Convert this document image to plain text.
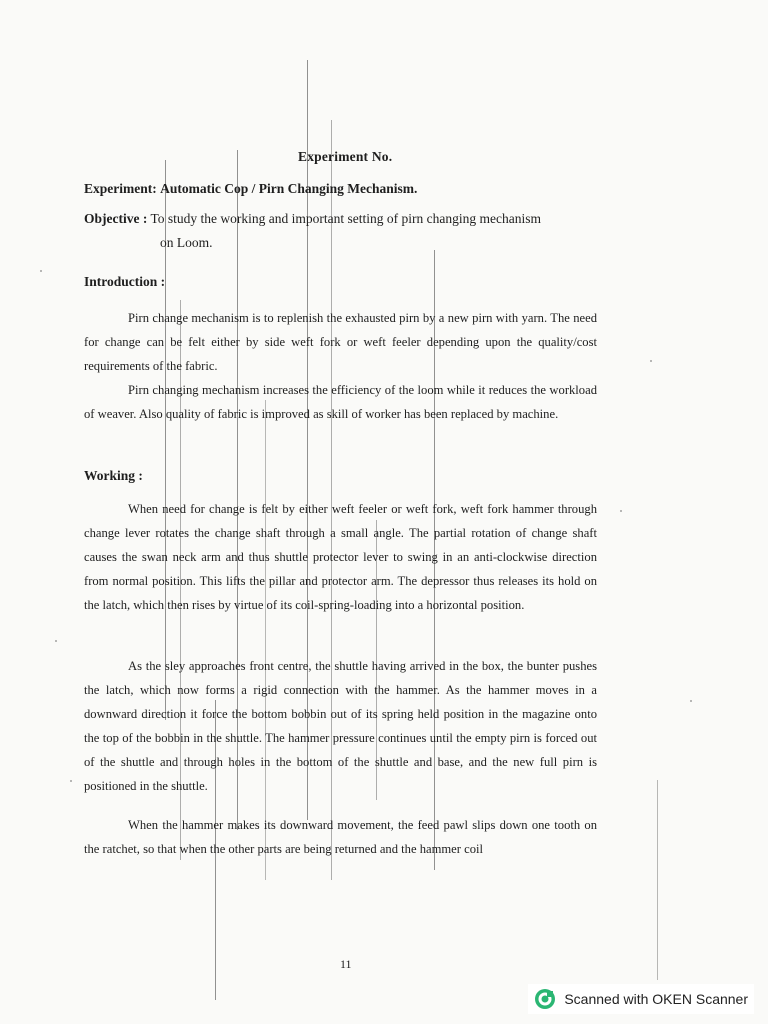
Experiment No.
Experiment: Automatic Cop / Pirn Changing Mechanism.
Objective : To study the working and important setting of pirn changing mechanism
on Loom.
Introduction :
Pirn change mechanism is to replenish the exhausted pirn by a new pirn with yarn. The need for change can be felt either by side weft fork or weft feeler depending upon the quality/cost requirements of the fabric.
Pirn changing mechanism increases the efficiency of the loom while it reduces the workload of weaver. Also quality of fabric is improved as skill of worker has been replaced by machine.
Working :
When need for change is felt by either weft feeler or weft fork, weft fork hammer through change lever rotates the change shaft through a small angle. The partial rotation of change shaft causes the swan neck arm and thus shuttle protector lever to swing in an anti-clockwise direction from normal position. This lifts the pillar and protector arm. The depressor thus releases its hold on the latch, which then rises by virtue of its coil-spring-loading into a horizontal position.
As the sley approaches front centre, the shuttle having arrived in the box, the bunter pushes the latch, which now forms a rigid connection with the hammer. As the hammer moves in a downward direction it force the bottom bobbin out of its spring held position in the magazine onto the top of the bobbin in the shuttle. The hammer pressure continues until the empty pirn is forced out of the shuttle and through holes in the bottom of the shuttle and base, and the new full pirn is positioned in the shuttle.
When the hammer makes its downward movement, the feed pawl slips down one tooth on the ratchet, so that when the other parts are being returned and the hammer coil
11
Scanned with OKEN Scanner
